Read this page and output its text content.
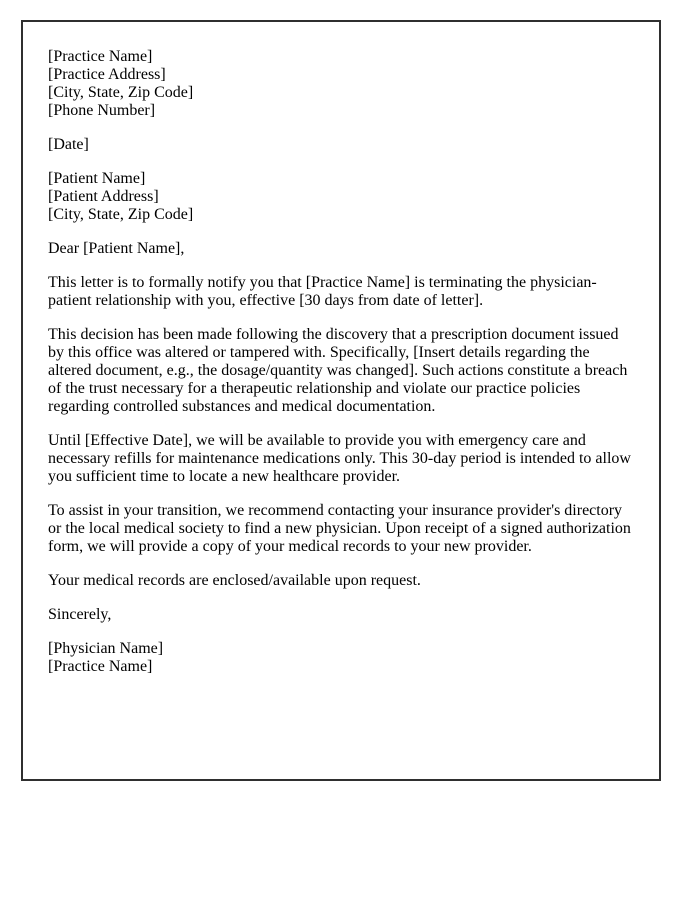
[Practice Name]
[Practice Address]
[City, State, Zip Code]
[Phone Number]
[Date]
[Patient Name]
[Patient Address]
[City, State, Zip Code]
Dear [Patient Name],
This letter is to formally notify you that [Practice Name] is terminating the physician-patient relationship with you, effective [30 days from date of letter].
This decision has been made following the discovery that a prescription document issued by this office was altered or tampered with. Specifically, [Insert details regarding the altered document, e.g., the dosage/quantity was changed]. Such actions constitute a breach of the trust necessary for a therapeutic relationship and violate our practice policies regarding controlled substances and medical documentation.
Until [Effective Date], we will be available to provide you with emergency care and necessary refills for maintenance medications only. This 30-day period is intended to allow you sufficient time to locate a new healthcare provider.
To assist in your transition, we recommend contacting your insurance provider's directory or the local medical society to find a new physician. Upon receipt of a signed authorization form, we will provide a copy of your medical records to your new provider.
Your medical records are enclosed/available upon request.
Sincerely,
[Physician Name]
[Practice Name]
